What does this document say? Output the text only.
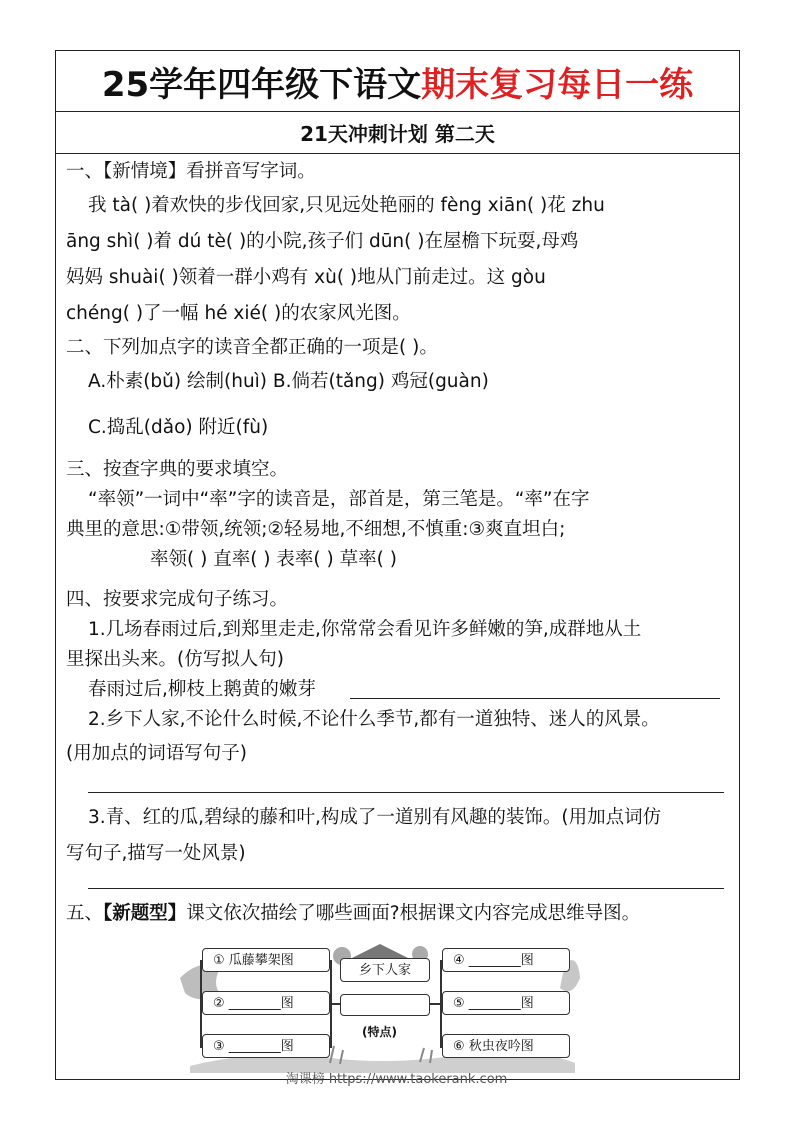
25学年四年级下语文 期末复习每日一练
21天冲刺计划 第二天
一、【新情境】看拼音写字词。
我 tà( )着欢快的步伐回家,只见远处艳丽的 fèng xiān( )花 zhu
āng shì( )着 dú tè( )的小院,孩子们 dūn( )在屋檐下玩耍,母鸡
妈妈 shuài( )领着一群小鸡有 xù( )地从门前走过。这 gòu
chéng( )了一幅 hé xié( )的农家风光图。
二、下列加点字的读音全都正确的一项是( )。
A.朴素(bǔ) 绘制(huì) B.倘若(tǎng) 鸡冠(guàn)
C.捣乱(dǎo) 附近(fù)
三、按查字典的要求填空。
“率领”一词中“率”字的读音是，部首是，第三笔是。“率”在字
典里的意思:①带领,统领;②轻易地,不细想,不慎重:③爽直坦白;
率领( ) 直率( ) 表率( ) 草率( )
四、按要求完成句子练习。
1.几场春雨过后,到郑里走走,你常常会看见许多鲜嫩的笋,成群地从土
里探出头来。(仿写拟人句)
春雨过后,柳枝上鹅黄的嫩芽
2.乡下人家,不论什么时候,不论什么季节,都有一道独特、迷人的风景。
(用加点的词语写句子)
3.青、红的瓜,碧绿的藤和叶,构成了一道别有风趣的装饰。(用加点词仿
写句子,描写一处风景)
五、【新题型】课文依次描绘了哪些画面?根据课文内容完成思维导图。
① 瓜藤攀架图
② ________图
③ ________图
乡下人家
(特点)
④ ________图
⑤ ________图
⑥ 秋虫夜吟图
淘课榜 https://www.taokerank.com
